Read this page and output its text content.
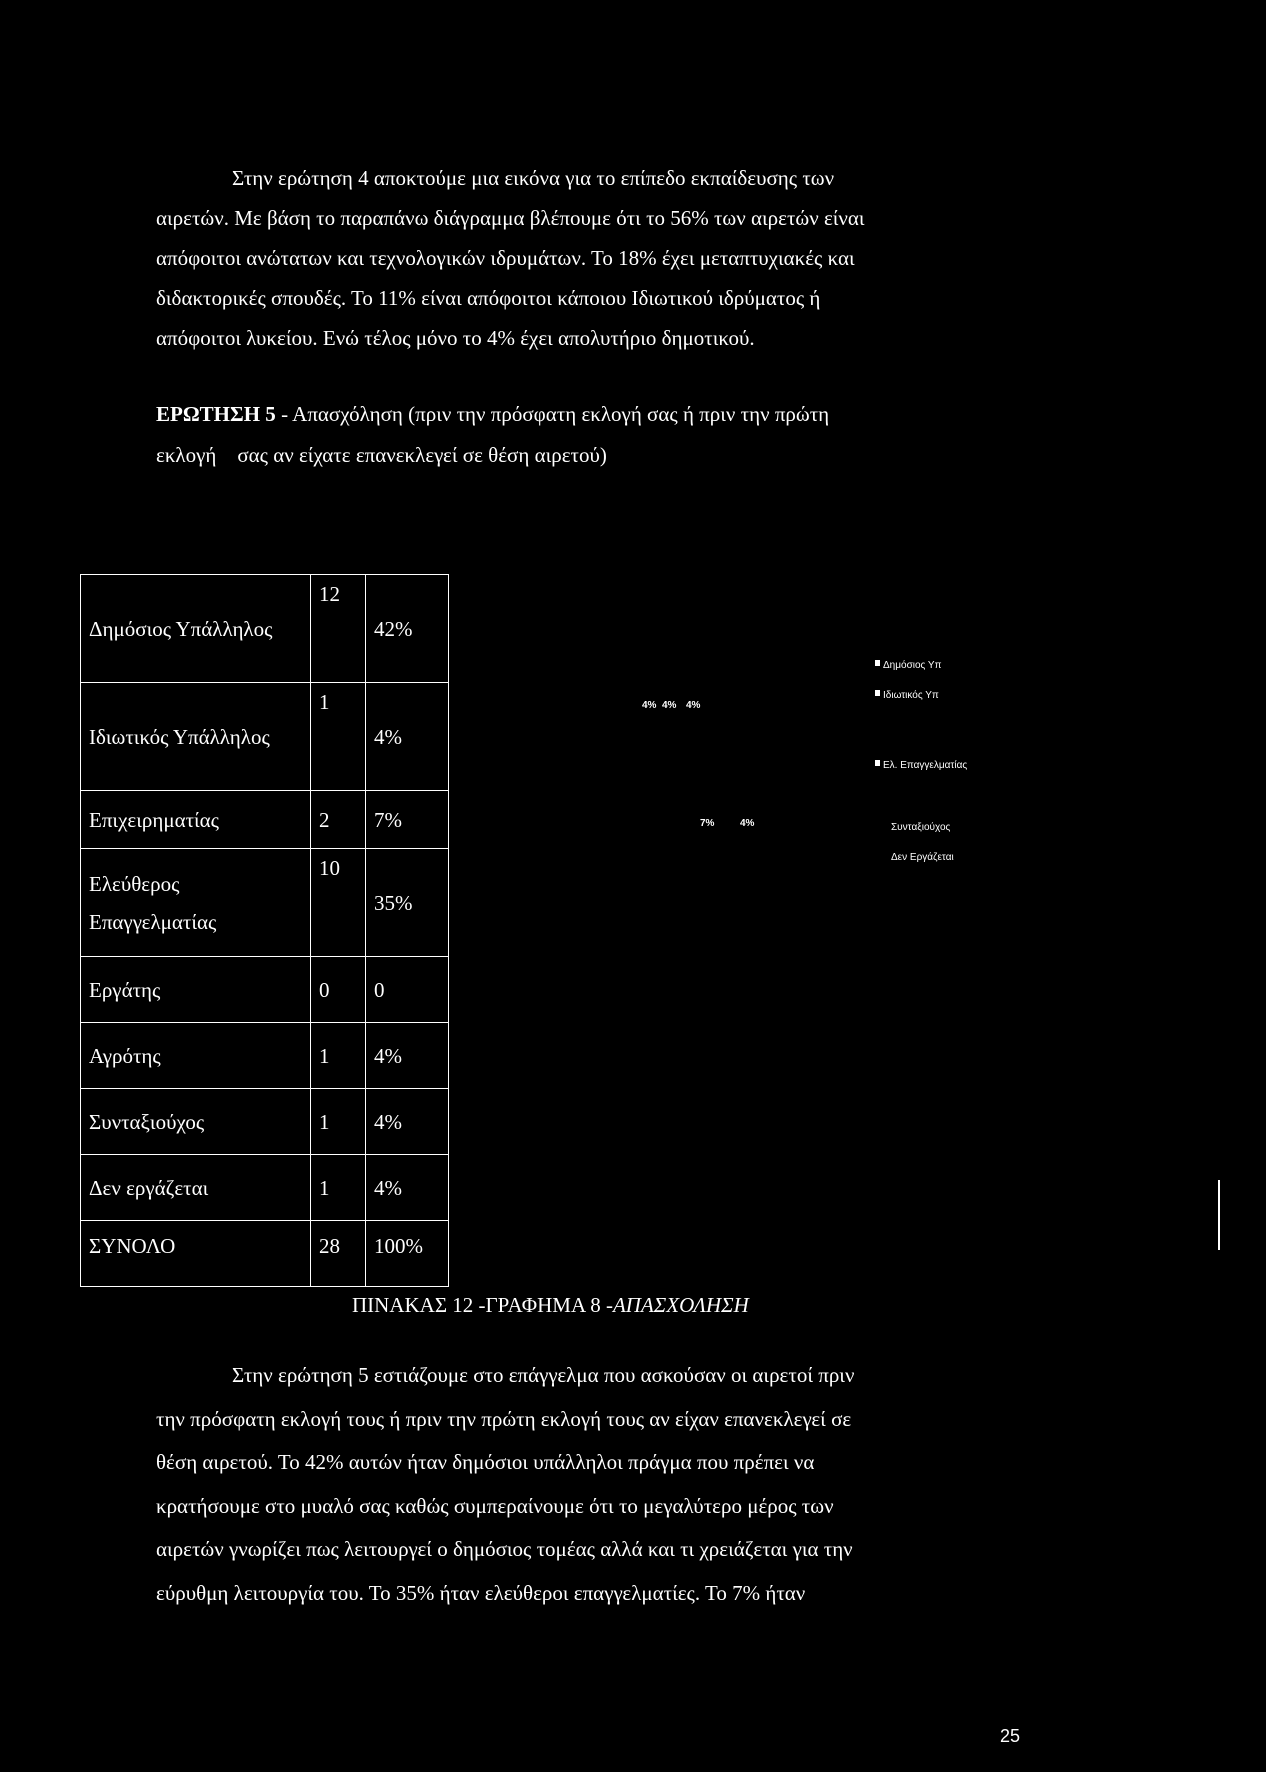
Στην ερώτηση 4 αποκτούμε μια εικόνα για το επίπεδο εκπαίδευσης των

αιρετών. Με βάση το παραπάνω διάγραμμα βλέπουμε ότι το 56% των αιρετών είναι

απόφοιτοι ανώτατων και τεχνολογικών ιδρυμάτων. Το 18% έχει μεταπτυχιακές και

διδακτορικές σπουδές. Το 11% είναι απόφοιτοι κάποιου Ιδιωτικού ιδρύματος ή

απόφοιτοι λυκείου. Ενώ τέλος μόνο το 4% έχει απολυτήριο δημοτικού.

ΕΡΩΤΗΣΗ 5 - Απασχόληση (πριν την πρόσφατη εκλογή σας ή πριν την πρώτη
εκλογή    σας αν είχατε επανεκλεγεί σε θέση αιρετού)
Δημόσιος Υπάλληλος	12	42%
Ιδιωτικός Υπάλληλος	1	4%
Επιχειρηματίας	2	7%
Ελεύθερος Επαγγελματίας	10	35%
Εργάτης	0	0
Αγρότης	1	4%
Συνταξιούχος	1	4%
Δεν εργάζεται	1	4%
ΣΥΝΟΛΟ	28	100%
4% 4% 4%
7%	4%
Δημόσιος Υπ
Ιδιωτικός Υπ
Ελ. Επαγγελματίας
Συνταξιούχος
Δεν Εργάζεται
ΠΙΝΑΚΑΣ 12 -ΓΡΑΦΗΜΑ 8 -ΑΠΑΣΧΟΛΗΣΗ

Στην ερώτηση 5 εστιάζουμε στο επάγγελμα που ασκούσαν οι αιρετοί πριν

την πρόσφατη εκλογή τους ή πριν την πρώτη εκλογή τους αν είχαν επανεκλεγεί σε

θέση αιρετού. Το 42% αυτών ήταν δημόσιοι υπάλληλοι πράγμα που πρέπει να

κρατήσουμε στο μυαλό σας καθώς συμπεραίνουμε ότι το μεγαλύτερο μέρος των

αιρετών γνωρίζει πως λειτουργεί ο δημόσιος τομέας αλλά και τι χρειάζεται για την

εύρυθμη λειτουργία του. Το 35% ήταν ελεύθεροι επαγγελματίες. Το 7% ήταν

25
